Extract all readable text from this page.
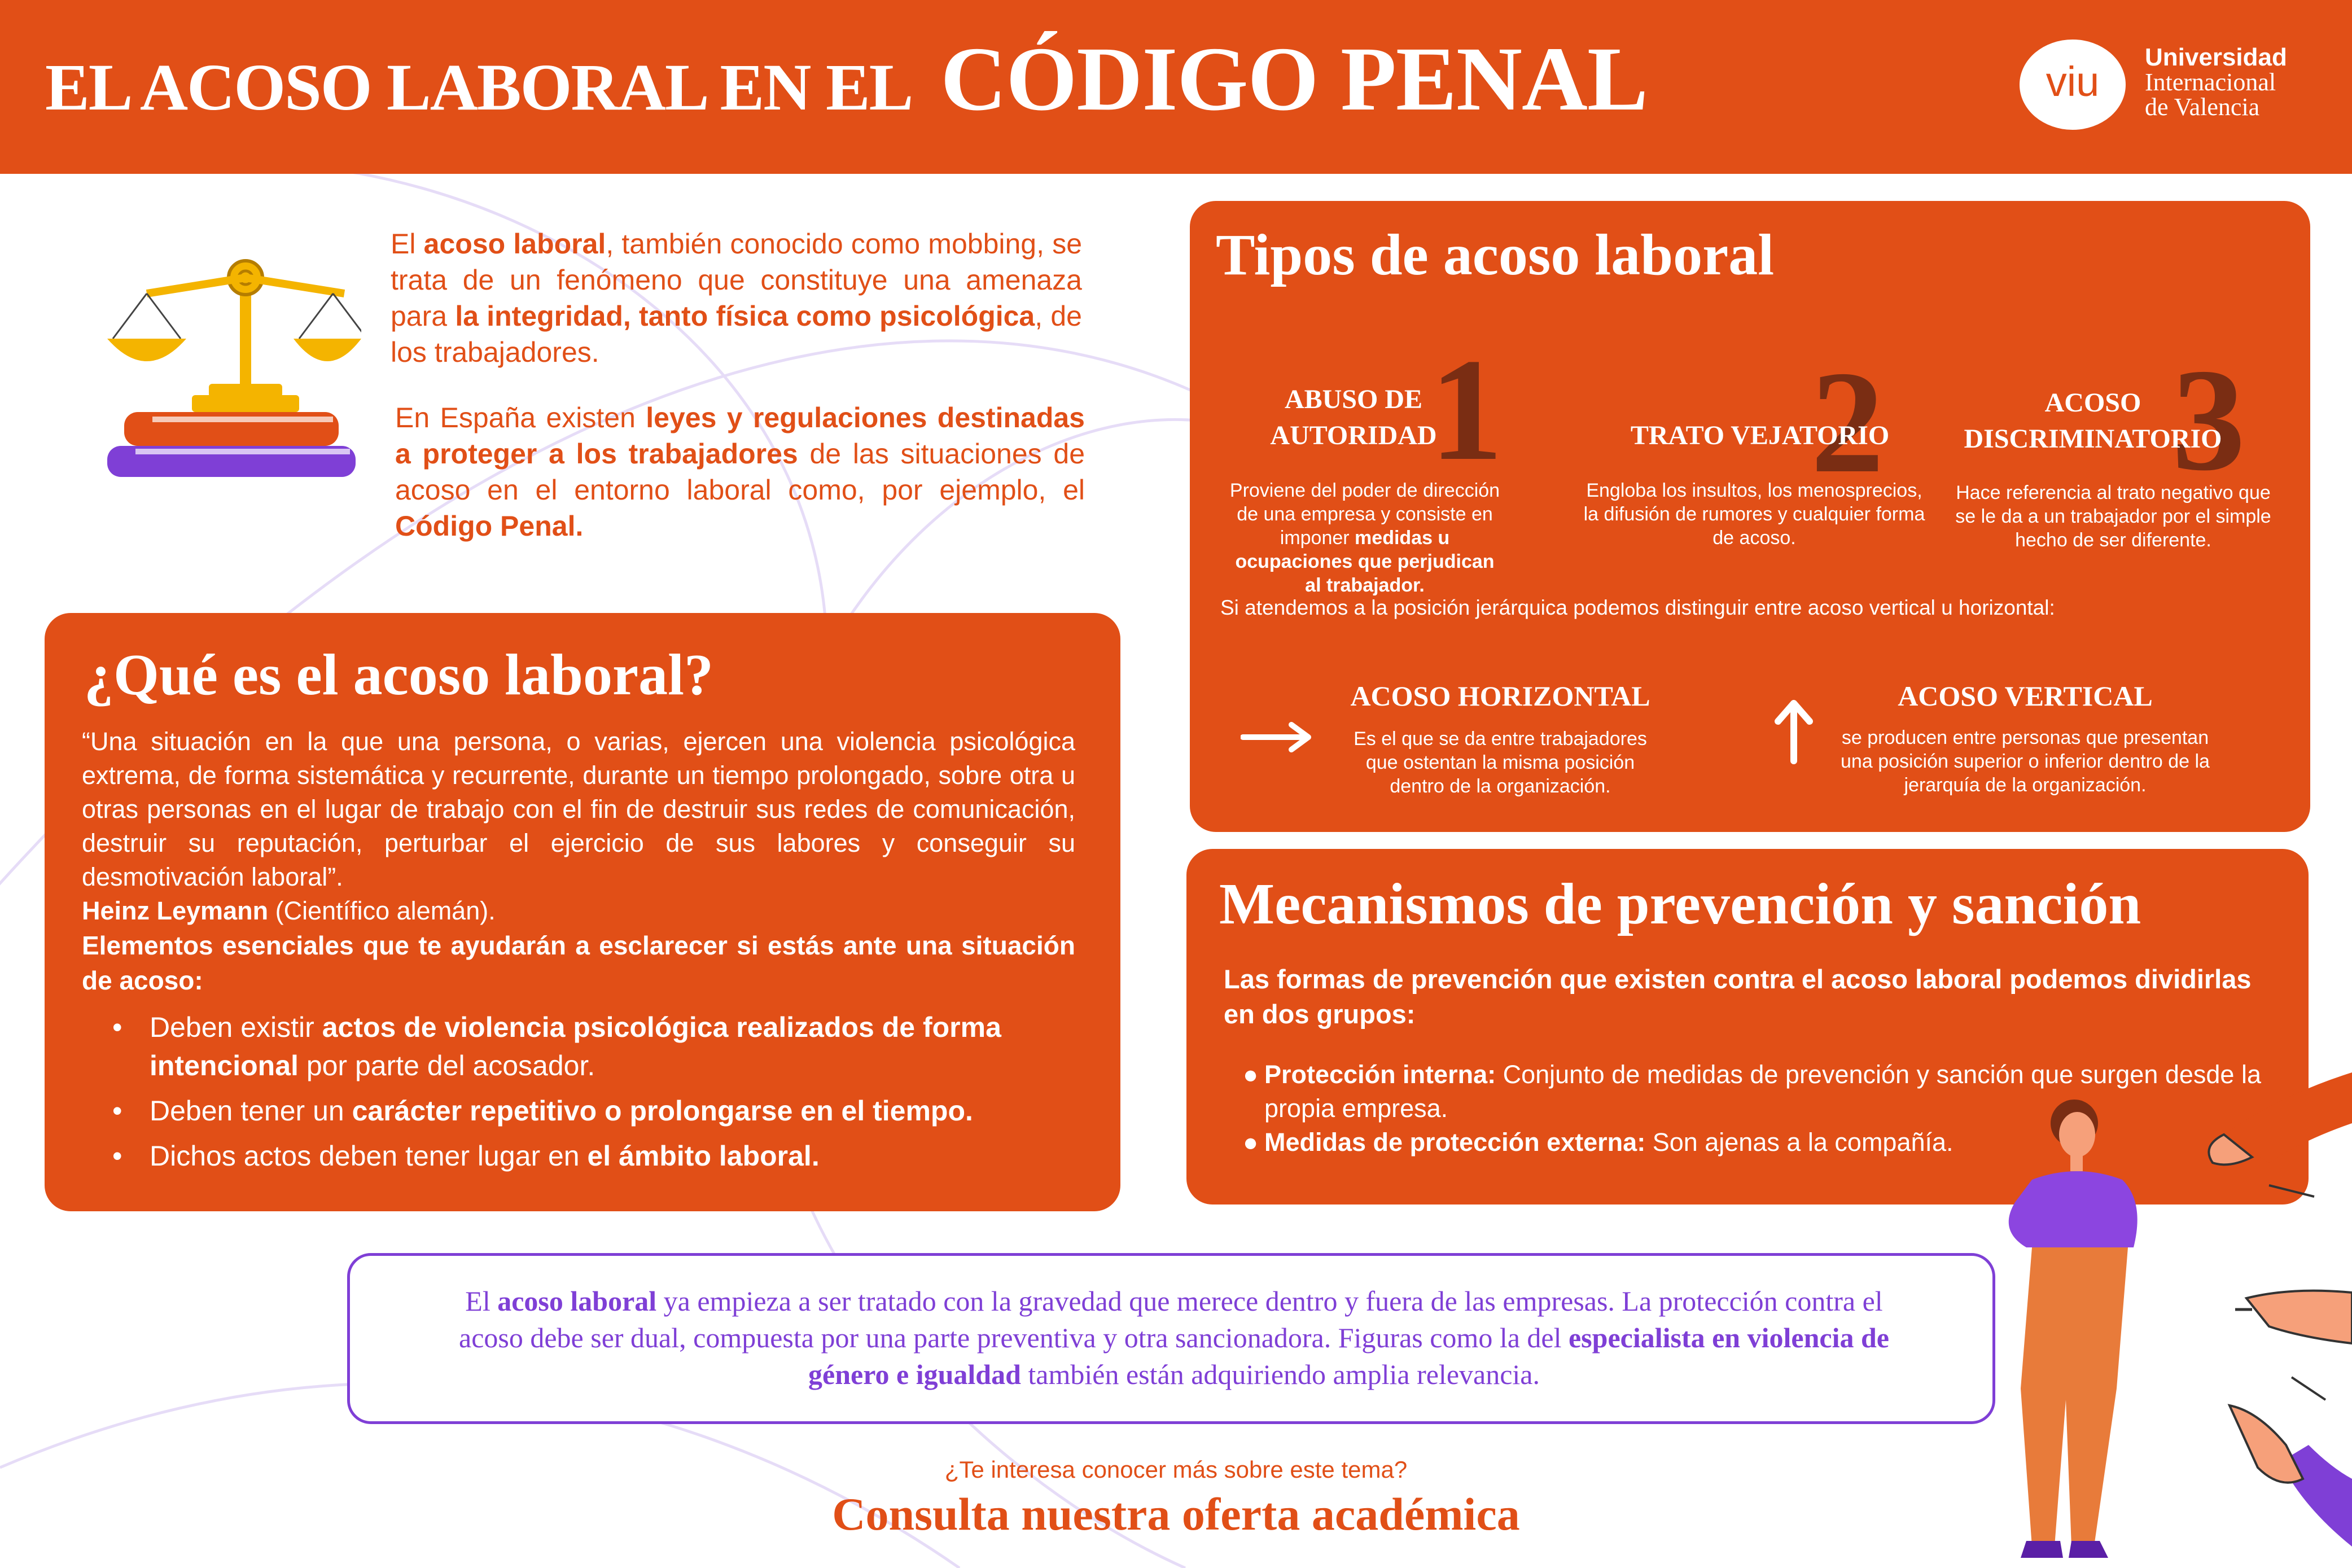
EL ACOSO LABORAL EN EL CÓDIGO PENAL	viu
Universidad
Internacional
de Valencia

El acoso laboral, también conocido como mobbing, se trata de un fenómeno que constituye una amenaza para la integridad, tanto física como psicológica, de los trabajadores.

En España existen leyes y regulaciones destinadas a proteger a los trabajadores de las situaciones de acoso en el entorno laboral como, por ejemplo, el Código Penal.

¿Qué es el acoso laboral?

“Una situación en la que una persona, o varias, ejercen una violencia psicológica extrema, de forma sistemática y recurrente, durante un tiempo prolongado, sobre otra u otras personas en el lugar de trabajo con el fin de destruir sus redes de comunicación, destruir su reputación, perturbar el ejercicio de sus labores y conseguir su desmotivación laboral”.
Heinz Leymann (Científico alemán).

Elementos esenciales que te ayudarán a esclarecer si estás ante una situación de acoso:

• Deben existir actos de violencia psicológica realizados de forma intencional por parte del acosador.
• Deben tener un carácter repetitivo o prolongarse en el tiempo.
• Dichos actos deben tener lugar en el ámbito laboral.
Tipos de acoso laboral
1
ABUSO DE
AUTORIDAD
Proviene del poder de dirección de una empresa y consiste en imponer medidas u ocupaciones que perjudican al trabajador.
2
TRATO VEJATORIO
Engloba los insultos, los menosprecios, la difusión de rumores y cualquier forma de acoso.
3
ACOSO
DISCRIMINATORIO
Hace referencia al trato negativo que se le da a un trabajador por el simple hecho de ser diferente.
Si atendemos a la posición jerárquica podemos distinguir entre acoso vertical u horizontal:
ACOSO HORIZONTAL
Es el que se da entre trabajadores que ostentan la misma posición dentro de la organización.
ACOSO VERTICAL
se producen entre personas que presentan una posición superior o inferior dentro de la jerarquía de la organización.
Mecanismos de prevención y sanción

Las formas de prevención que existen contra el acoso laboral podemos dividirlas en dos grupos:

● Protección interna: Conjunto de medidas de prevención y sanción que surgen desde la propia empresa.
● Medidas de protección externa: Son ajenas a la compañía.

El acoso laboral ya empieza a ser tratado con la gravedad que merece dentro y fuera de las empresas. La protección contra el acoso debe ser dual, compuesta por una parte preventiva y otra sancionadora. Figuras como la del especialista en violencia de género e igualdad también están adquiriendo amplia relevancia.

¿Te interesa conocer más sobre este tema?
Consulta nuestra oferta académica
